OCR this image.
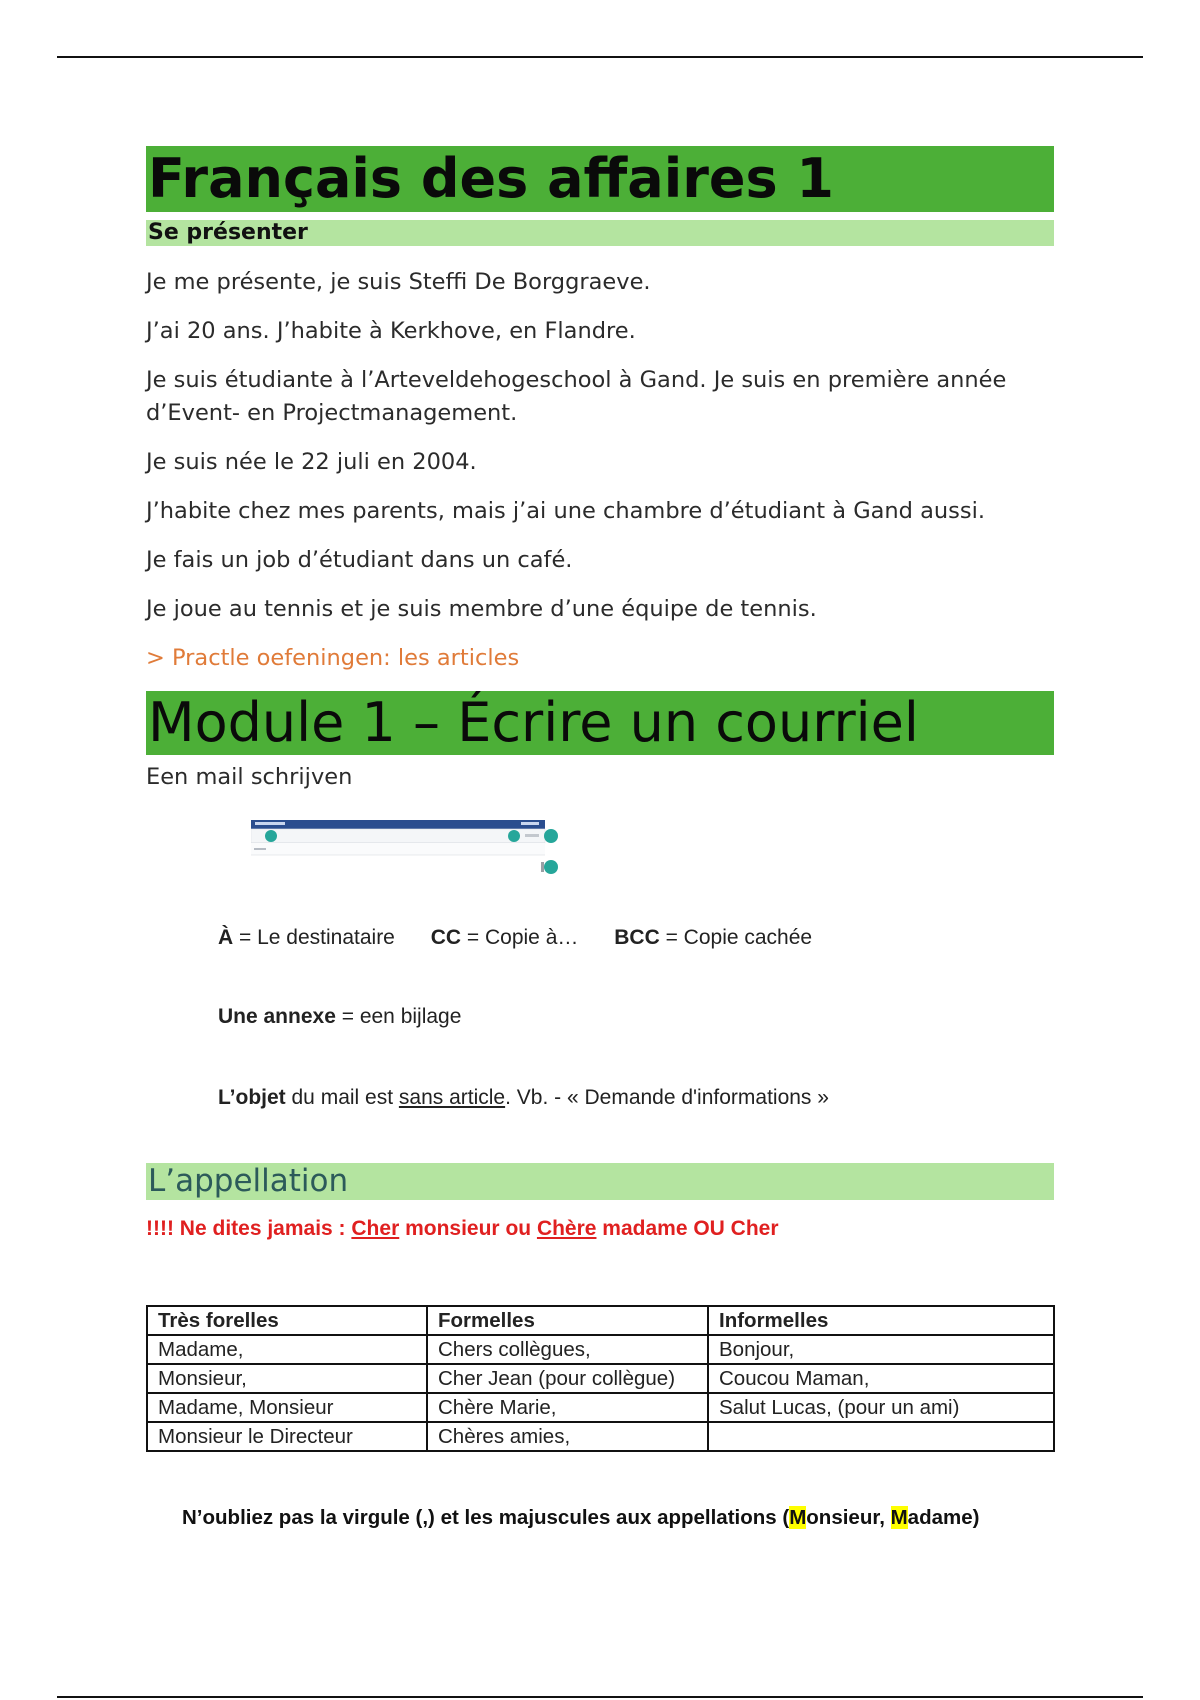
Français des affaires 1
Se présenter

Je me présente, je suis Steffi De Borggraeve.

J’ai 20 ans. J’habite à Kerkhove, en Flandre.

Je suis étudiante à l’Arteveldehogeschool à Gand. Je suis en première année d’Event- en Projectmanagement.

Je suis née le 22 juli en 2004.

J’habite chez mes parents, mais j’ai une chambre d’étudiant à Gand aussi.

Je fais un job d’étudiant dans un café.

Je joue au tennis et je suis membre d’une équipe de tennis.

> Practle oefeningen: les articles
Module 1 – Écrire un courriel
Een mail schrijven
À = Le destinataire CC = Copie à… BCC = Copie cachée
Une annexe = een bijlage
L’objet du mail est sans article. Vb. - « Demande d'informations »
L’appellation
!!!! Ne dites jamais : Cher monsieur ou Chère madame OU Cher
Très forelles	Formelles	Informelles
Madame,	Chers collègues,	Bonjour,
Monsieur,	Cher Jean (pour collègue)	Coucou Maman,
Madame, Monsieur	Chère Marie,	Salut Lucas, (pour un ami)
Monsieur le Directeur	Chères amies,	
N’oubliez pas la virgule (,) et les majuscules aux appellations (Monsieur, Madame)
